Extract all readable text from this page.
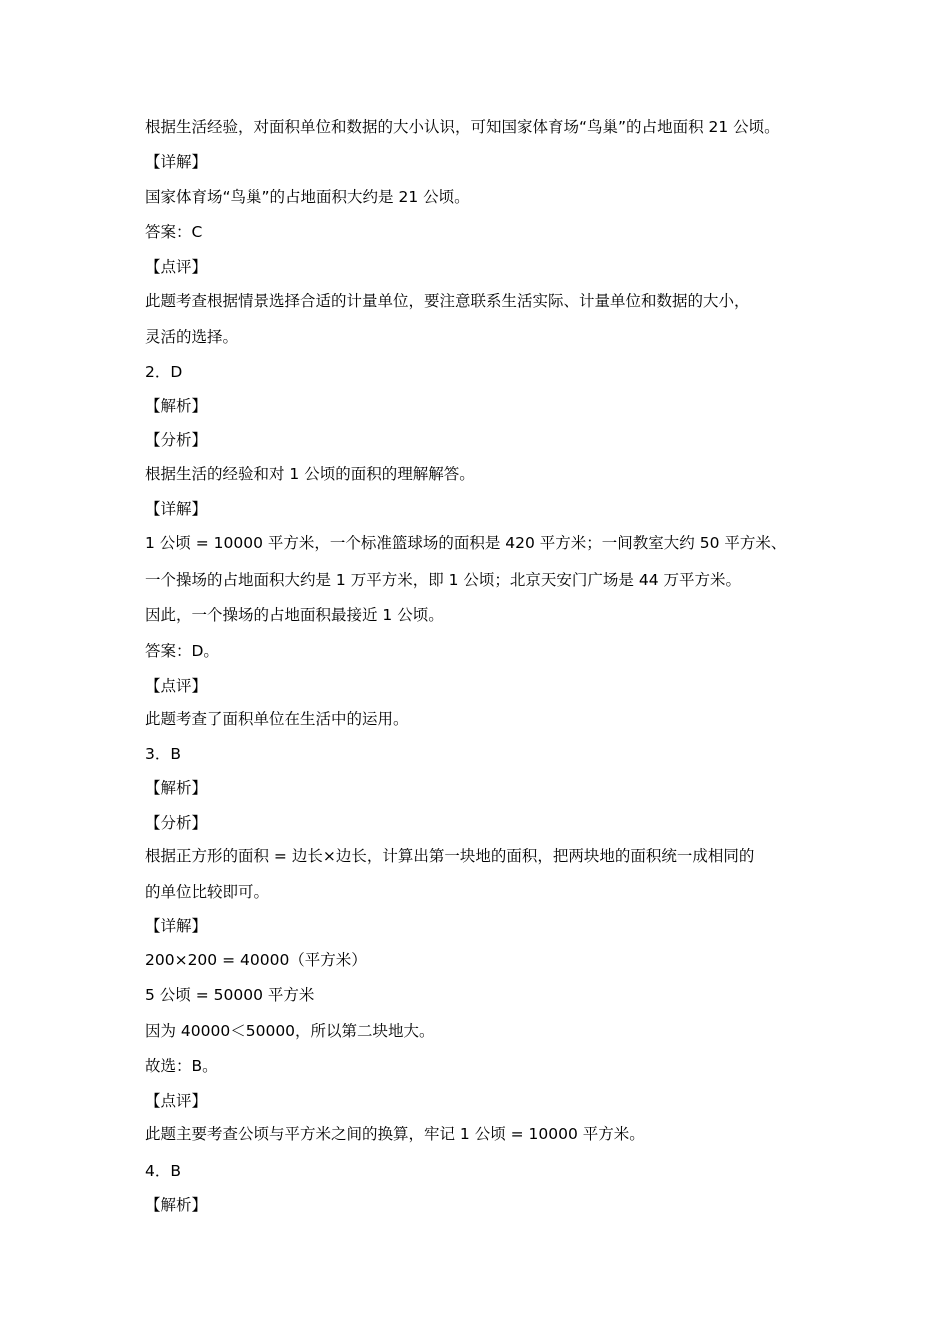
根据生活经验，对面积单位和数据的大小认识，可知国家体育场“鸟巢”的占地面积 21 公顷。
【详解】
国家体育场“鸟巢”的占地面积大约是 21 公顷。
答案：C
【点评】
此题考查根据情景选择合适的计量单位，要注意联系生活实际、计量单位和数据的大小，
灵活的选择。
2．D
【解析】
【分析】
根据生活的经验和对 1 公顷的面积的理解解答。
【详解】
1 公顷 = 10000 平方米，一个标准篮球场的面积是 420 平方米；一间教室大约 50 平方米、
一个操场的占地面积大约是 1 万平方米，即 1 公顷；北京天安门广场是 44 万平方米。
因此，一个操场的占地面积最接近 1 公顷。
答案：D。
【点评】
此题考查了面积单位在生活中的运用。
3．B
【解析】
【分析】
根据正方形的面积 = 边长×边长，计算出第一块地的面积，把两块地的面积统一成相同的
的单位比较即可。
【详解】
200×200 = 40000（平方米）
5 公顷 = 50000 平方米
因为 40000＜50000，所以第二块地大。
故选：B。
【点评】
此题主要考查公顷与平方米之间的换算，牢记 1 公顷 = 10000 平方米。
4．B
【解析】
